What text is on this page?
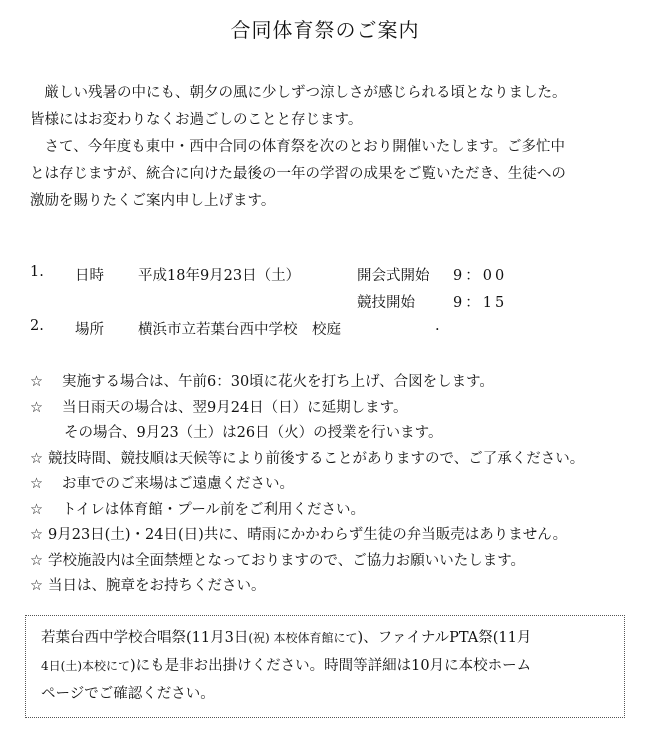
合同体育祭のご案内

厳しい残暑の中にも、朝夕の風に少しずつ涼しさが感じられる頃となりました。

皆様にはお変わりなくお過ごしのことと存じます。

さて、今年度も東中・西中合同の体育祭を次のとおり開催いたします。ご多忙中

とは存じますが、統合に向けた最後の一年の学習の成果をご覧いただき、生徒への

激励を賜りたくご案内申し上げます。

1. 日時 平成18年9月23日（土）	開会式開始 9：00
競技開始	9：15
2. 場所 横浜市立若葉台西中学校　校庭	.
☆ 実施する場合は、午前6：30頃に花火を打ち上げ、合図をします。
☆ 当日雨天の場合は、翌9月24日（日）に延期します。
その場合、9月23（土）は26日（火）の授業を行います。
☆ 競技時間、競技順は天候等により前後することがありますので、ご了承ください。
☆ お車でのご来場はご遠慮ください。
☆ トイレは体育館・プール前をご利用ください。
☆ 9月23日(土)・24日(日)共に、晴雨にかかわらず生徒の弁当販売はありません。
☆ 学校施設内は全面禁煙となっておりますので、ご協力お願いいたします。
☆ 当日は、腕章をお持ちください。
若葉台西中学校合唱祭(11月3日(祝) 本校体育館にて)、ファイナルPTA祭(11月
4日(土)本校にて)にも是非お出掛けください。時間等詳細は10月に本校ホーム
ページでご確認ください。
